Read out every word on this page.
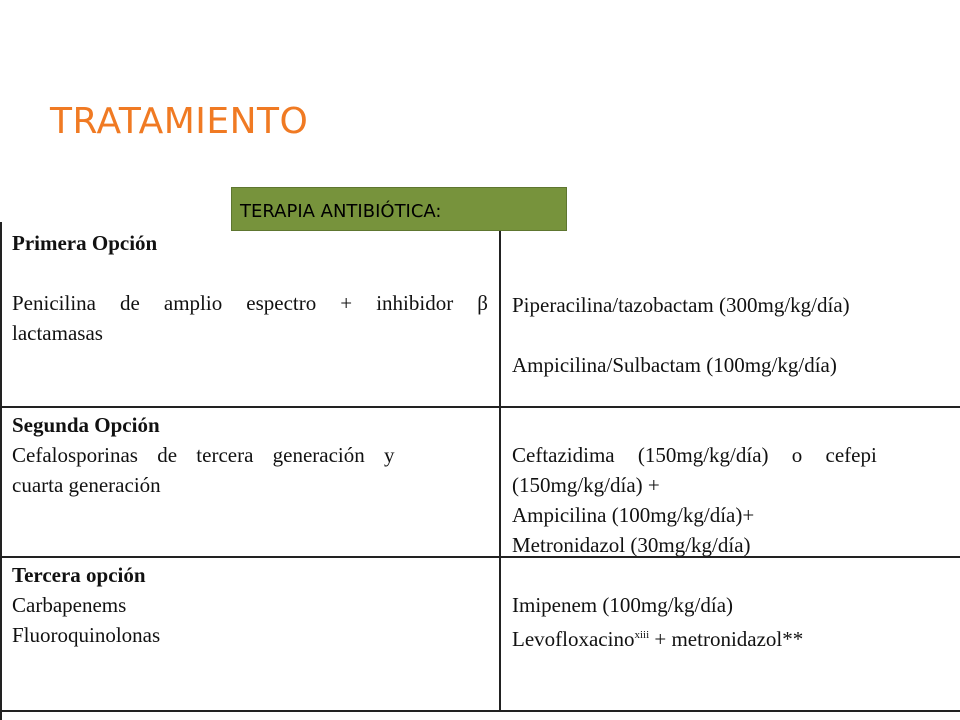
TRATAMIENTO
TERAPIA ANTIBIÓTICA:
Primera Opción
Penicilina de amplio espectro + inhibidor β
lactamasas
Piperacilina/tazobactam (300mg/kg/día)
Ampicilina/Sulbactam (100mg/kg/día)
Segunda Opción
Cefalosporinas de tercera generación y
cuarta generación
Ceftazidima (150mg/kg/día) o cefepi
(150mg/kg/día) +
Ampicilina (100mg/kg/día)+
Metronidazol (30mg/kg/día)
Tercera opción
Carbapenems
Fluoroquinolonas
Imipenem (100mg/kg/día)
Levofloxacino$^{xiii}$ + metronidazol**
